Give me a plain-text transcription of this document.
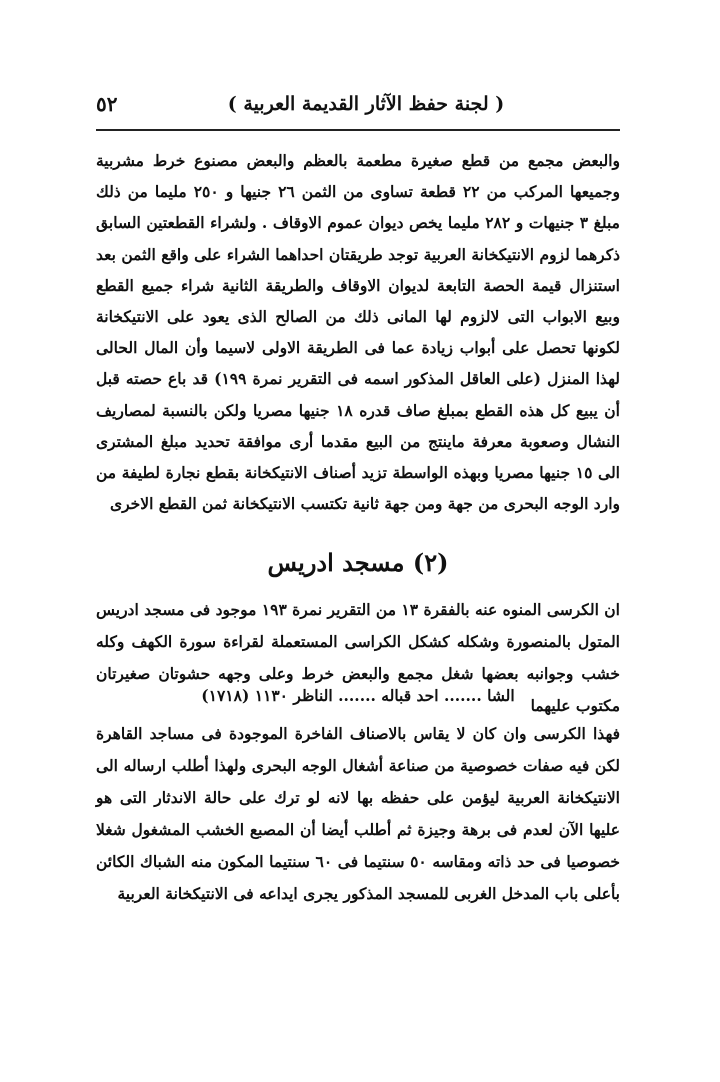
( لجنة حفظ الآثار القديمة العربية )
٥٢

والبعض مجمع من قطع صغيرة مطعمة بالعظم والبعض مصنوع خرط مشربية وجميعها المركب من ٢٢ قطعة تساوى من الثمن ٢٦ جنيها و ٢٥٠ مليما من ذلك مبلغ ٣ جنيهات و ٢٨٢ مليما يخص ديوان عموم الاوقاف . ولشراء القطعتين السابق ذكرهما لزوم الانتيكخانة العربية توجد طريقتان احداهما الشراء على واقع الثمن بعد استنزال قيمة الحصة التابعة لديوان الاوقاف والطريقة الثانية شراء جميع القطع وبيع الابواب التى لالزوم لها المانى ذلك من الصالح الذى يعود على الانتيكخانة لكونها تحصل على أبواب زيادة عما فى الطريقة الاولى لاسيما وأن المال الحالى لهذا المنزل (على العاقل المذكور اسمه فى التقرير نمرة ١٩٩) قد باع حصته قبل أن يبيع كل هذه القطع بمبلغ صاف قدره ١٨ جنيها مصريا ولكن بالنسبة لمصاريف النشال وصعوبة معرفة ماينتج من البيع مقدما أرى موافقة تحديد مبلغ المشترى الى ١٥ جنيها مصريا وبهذه الواسطة تزيد أصناف الانتيكخانة بقطع نجارة لطيفة من وارد الوجه البحرى من جهة ومن جهة ثانية تكتسب الانتيكخانة ثمن القطع الاخرى

(٢) مسجد ادريس

ان الكرسى المنوه عنه بالفقرة ١٣ من التقرير نمرة ١٩٣ موجود فى مسجد ادريس المتول بالمنصورة وشكله كشكل الكراسى المستعملة لقراءة سورة الكهف وكله خشب وجوانبه بعضها شغل مجمع والبعض خرط وعلى وجهه حشوتان صغيرتان مكتوب عليهما

الشا ....... احد قباله ....... الناظر ١١٣٠ (١٧١٨)

فهذا الكرسى وان كان لا يقاس بالاصناف الفاخرة الموجودة فى مساجد القاهرة لكن فيه صفات خصوصية من صناعة أشغال الوجه البحرى ولهذا أطلب ارساله الى الانتيكخانة العربية ليؤمن على حفظه بها لانه لو ترك على حالة الاندثار التى هو عليها الآن لعدم فى برهة وجيزة ثم أطلب أيضا أن المصبع الخشب المشغول شغلا خصوصيا فى حد ذاته ومقاسه ٥٠ سنتيما فى ٦٠ سنتيما المكون منه الشباك الكائن بأعلى باب المدخل الغربى للمسجد المذكور يجرى ايداعه فى الانتيكخانة العربية
